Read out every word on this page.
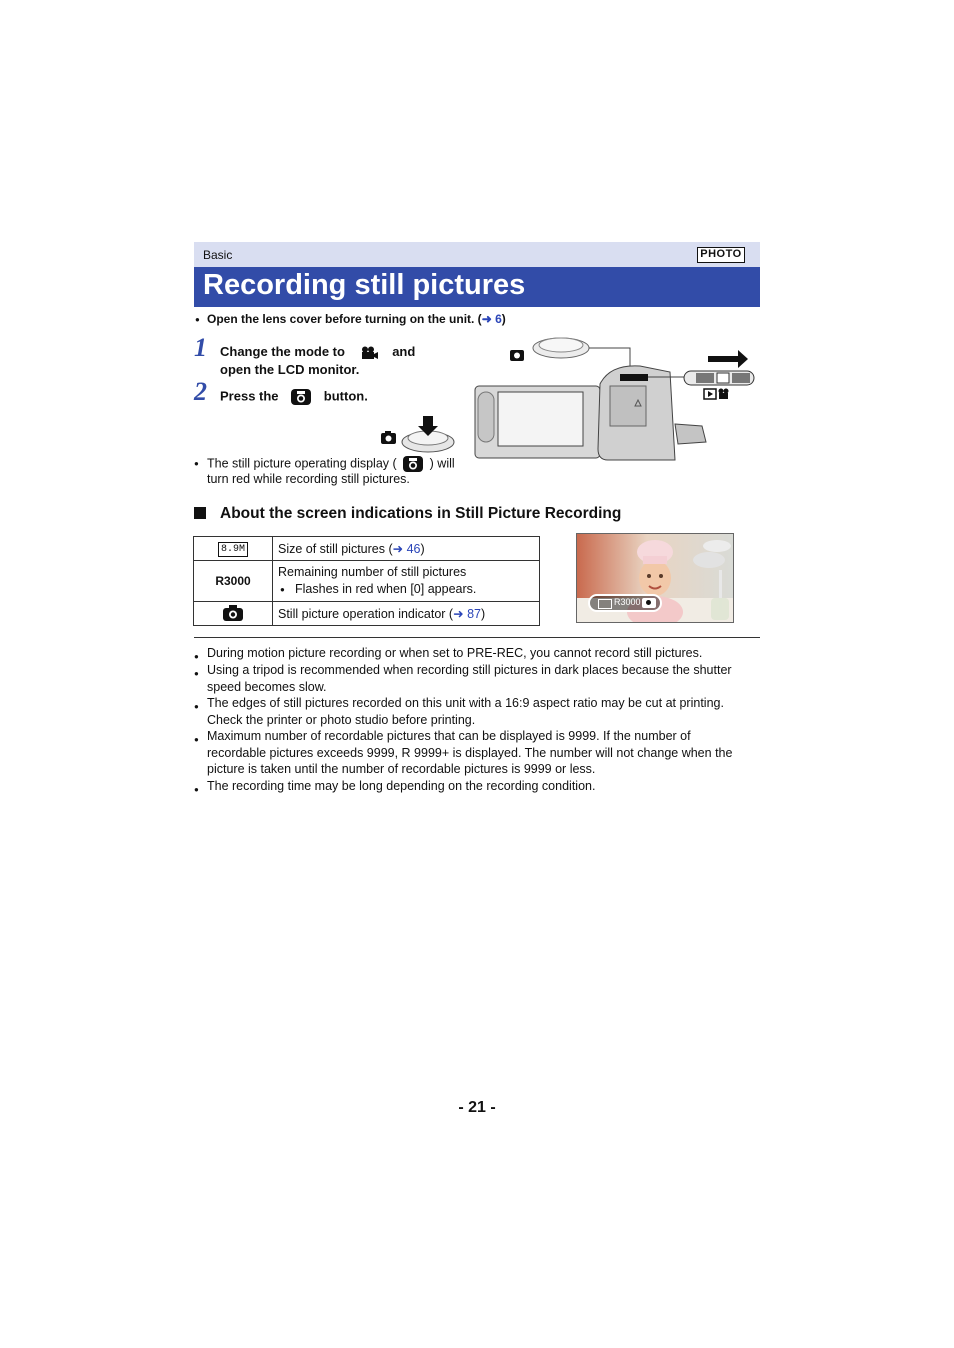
Basic	PHOTO
Recording still pictures
● Open the lens cover before turning on the unit. (➜ 6)
1 Change the mode to	and
open the LCD monitor.
2 Press the	button.
● The still picture operating display (	) will
turn red while recording still pictures.
About the screen indications in Still Picture Recording
8.9M	Size of still pictures (➜ 46)
R3000	Remaining number of still pictures
● Flashes in red when [0] appears.

	Still picture operation indicator (➜ 87)
R3000
● During motion picture recording or when set to PRE-REC, you cannot record still pictures.
● Using a tripod is recommended when recording still pictures in dark places because the shutter
speed becomes slow.
● The edges of still pictures recorded on this unit with a 16:9 aspect ratio may be cut at printing.
Check the printer or photo studio before printing.
● Maximum number of recordable pictures that can be displayed is 9999. If the number of
recordable pictures exceeds 9999, R 9999+ is displayed. The number will not change when the
picture is taken until the number of recordable pictures is 9999 or less.
● The recording time may be long depending on the recording condition.
- 21 -
